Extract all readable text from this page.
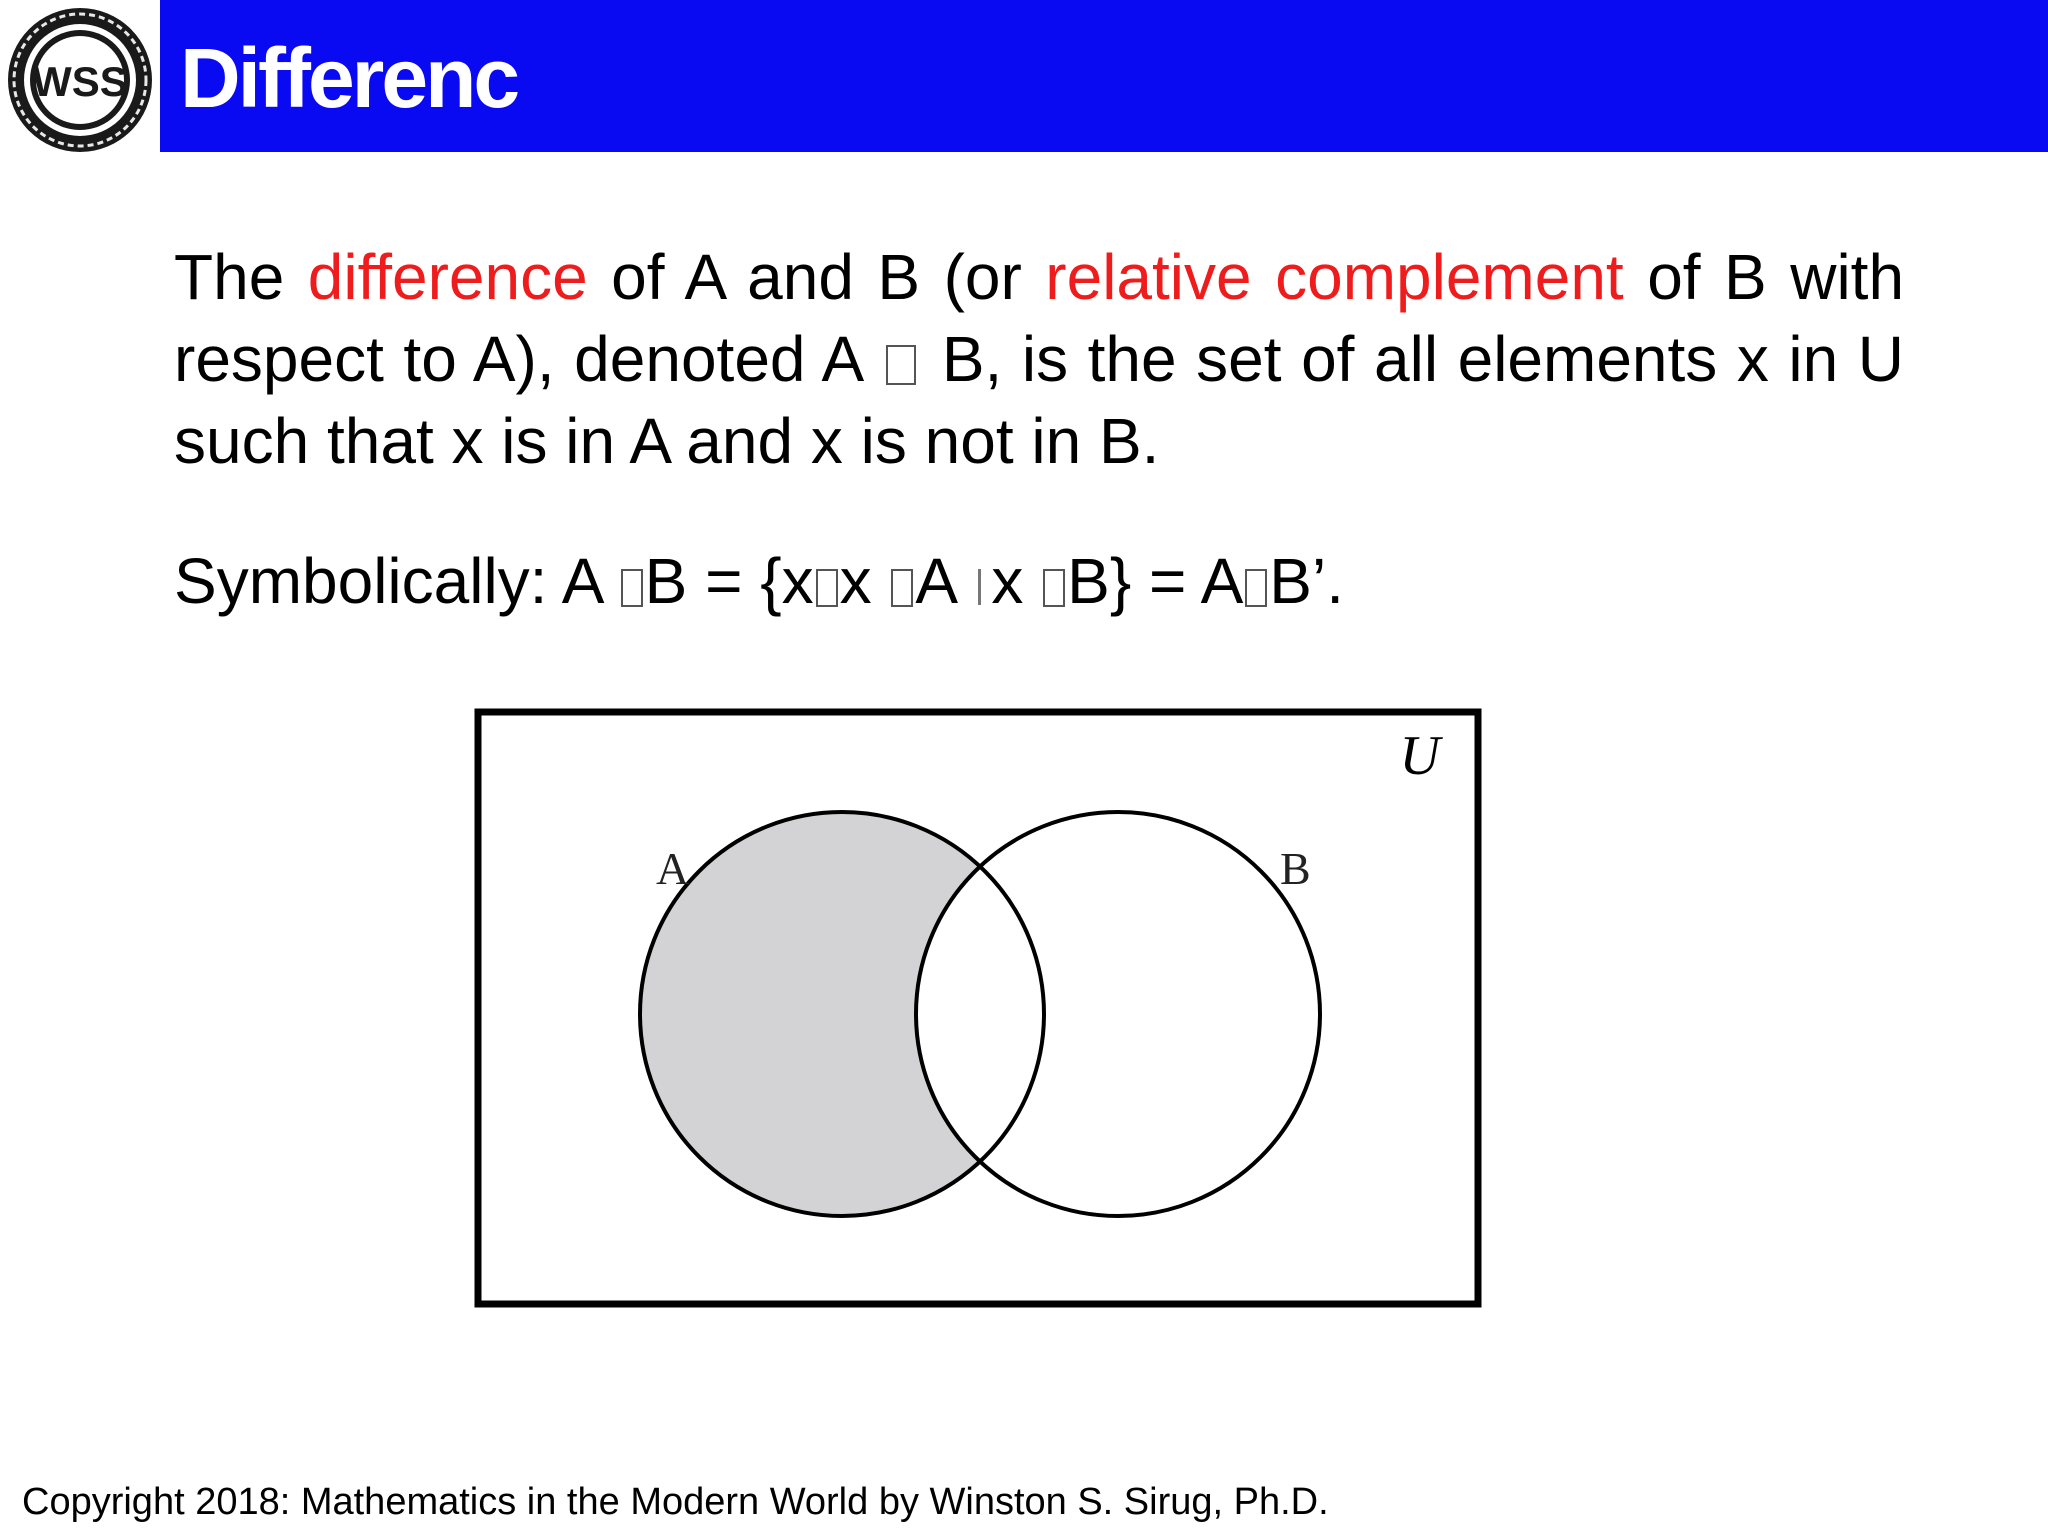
Differenc
WSS
The difference of A and B (or relative complement of B with respect to A), denoted A  B, is the set of all elements x in U such that x is in A and x is not in B.
Symbolically: A B = {x x A x B} = A B’.
U
A	B
Copyright 2018: Mathematics in the Modern World by Winston S. Sirug, Ph.D.
